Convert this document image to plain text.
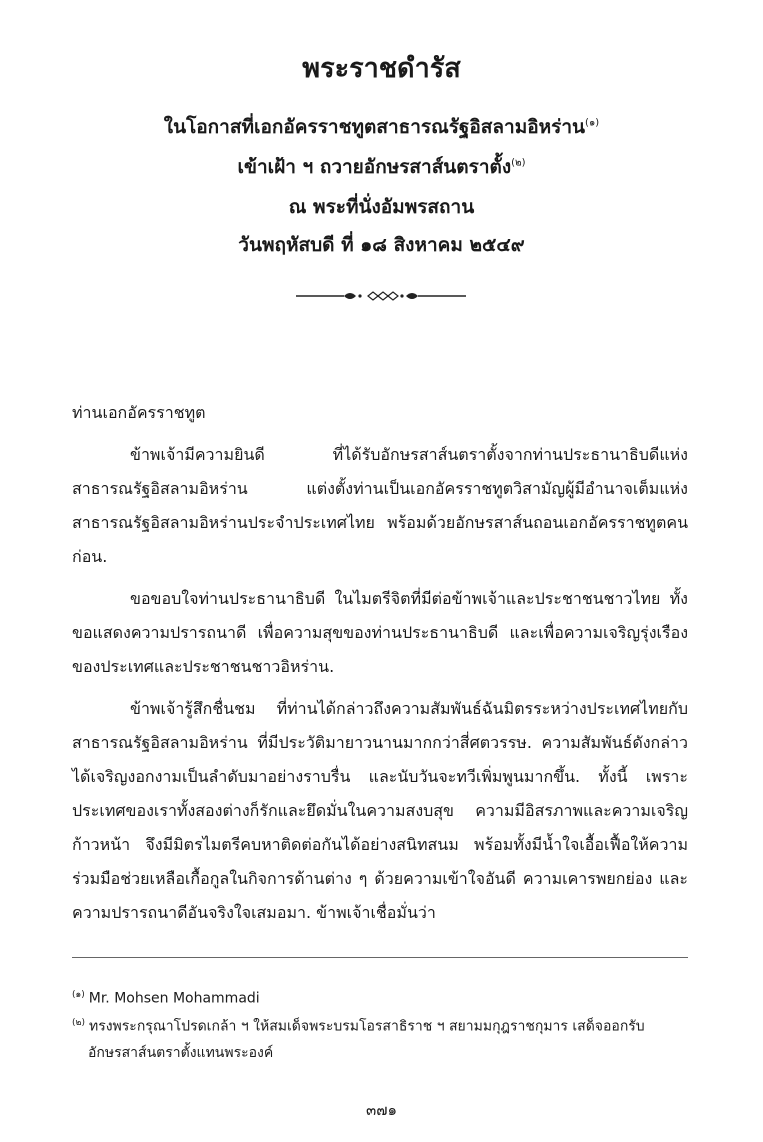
พระราชดำรัส
ในโอกาสที่เอกอัครราชทูตสาธารณรัฐอิสลามอิหร่าน$^{(๑)}$
เข้าเฝ้า ฯ ถวายอักษรสาส์นตราตั้ง$^{(๒)}$
ณ พระที่นั่งอัมพรสถาน
วันพฤหัสบดี ที่ ๑๘ สิงหาคม ๒๕๔๙
ท่านเอกอัครราชทูต

ข้าพเจ้ามีความยินดี ที่ได้รับอักษรสาส์นตราตั้งจากท่านประธานาธิบดีแห่งสาธารณรัฐอิสลามอิหร่าน แต่งตั้งท่านเป็นเอกอัครราชทูตวิสามัญผู้มีอำนาจเต็มแห่งสาธารณรัฐอิสลามอิหร่านประจำประเทศไทย พร้อมด้วยอักษรสาส์นถอนเอกอัครราชทูตคนก่อน.

ขอขอบใจท่านประธานาธิบดี ในไมตรีจิตที่มีต่อข้าพเจ้าและประชาชนชาวไทย ทั้งขอแสดงความปรารถนาดี เพื่อความสุขของท่านประธานาธิบดี และเพื่อความเจริญรุ่งเรืองของประเทศและประชาชนชาวอิหร่าน.

ข้าพเจ้ารู้สึกชื่นชม ที่ท่านได้กล่าวถึงความสัมพันธ์ฉันมิตรระหว่างประเทศไทยกับสาธารณรัฐอิสลามอิหร่าน ที่มีประวัติมายาวนานมากกว่าสี่ศตวรรษ. ความสัมพันธ์ดังกล่าว ได้เจริญงอกงามเป็นลำดับมาอย่างราบรื่น และนับวันจะทวีเพิ่มพูนมากขึ้น. ทั้งนี้ เพราะประเทศของเราทั้งสองต่างก็รักและยึดมั่นในความสงบสุข ความมีอิสรภาพและความเจริญก้าวหน้า จึงมีมิตรไมตรีคบหาติดต่อกันได้อย่างสนิทสนม พร้อมทั้งมีน้ำใจเอื้อเฟื้อให้ความร่วมมือช่วยเหลือเกื้อกูลในกิจการด้านต่าง ๆ ด้วยความเข้าใจอันดี ความเคารพยกย่อง และความปรารถนาดีอันจริงใจเสมอมา. ข้าพเจ้าเชื่อมั่นว่า

$^{(๑)}$ Mr. Mohsen Mohammadi
$^{(๒)}$ ทรงพระกรุณาโปรดเกล้า ฯ ให้สมเด็จพระบรมโอรสาธิราช ฯ สยามมกุฎราชกุมาร เสด็จออกรับ
อักษรสาส์นตราตั้งแทนพระองค์
๓๗๑
